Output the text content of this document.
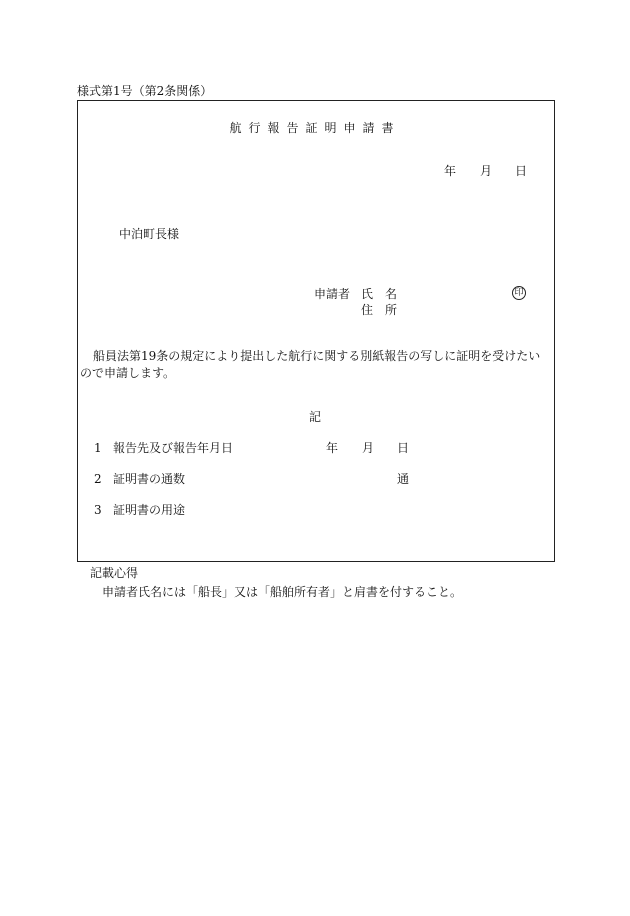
様式第1号（第2条関係）
航行報告証明申請書
年 月 日
中泊町長様
申請者 氏名	印
住所
船員法第19条の規定により提出した航行に関する別紙報告の写しに証明を受けたい
ので申請します。
記
1 報告先及び報告年月日	年 月 日
2 証明書の通数	通
3 証明書の用途
記載心得
申請者氏名には「船長」又は「船舶所有者」と肩書を付すること。
